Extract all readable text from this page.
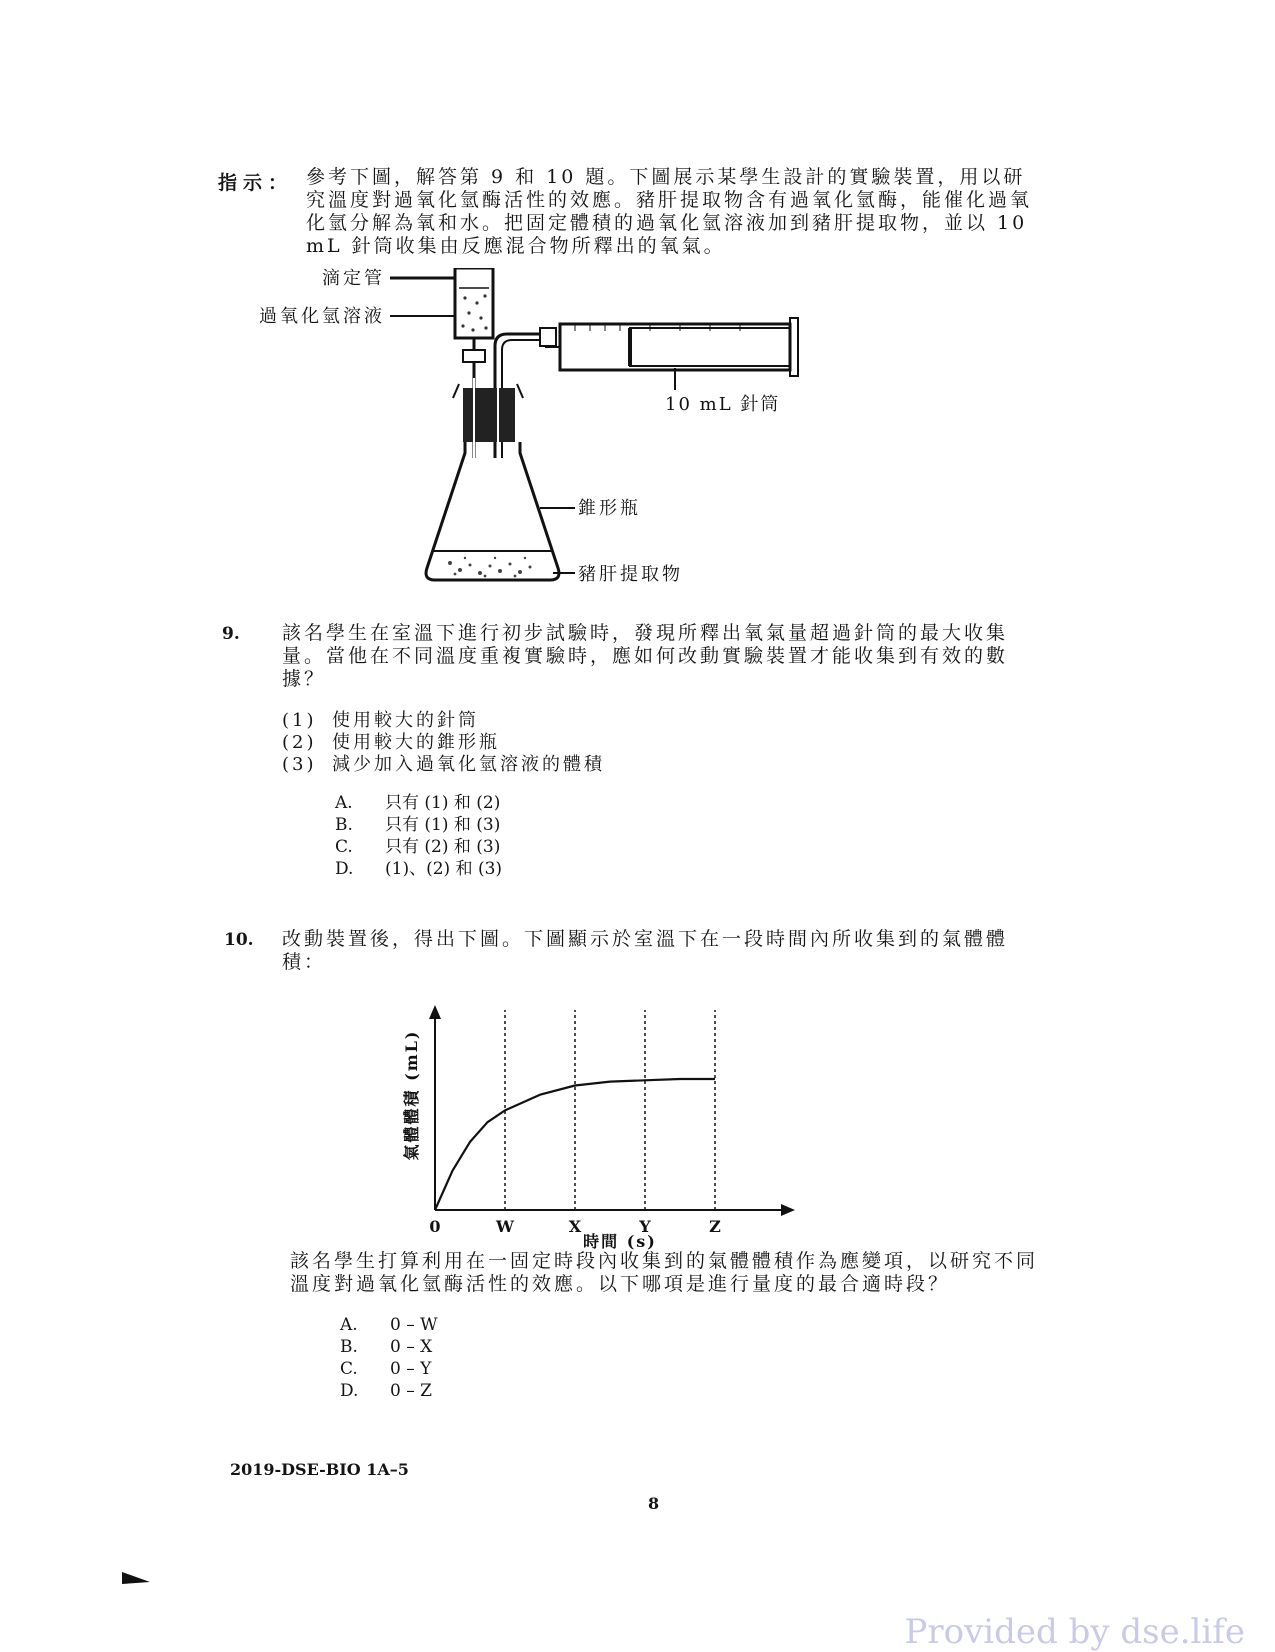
指示： 參考下圖，解答第 9 和 10 題。下圖展示某學生設計的實驗裝置，用以研究溫度對過氧化氫酶活性的效應。豬肝提取物含有過氧化氫酶，能催化過氧化氫分解為氧和水。把固定體積的過氧化氫溶液加到豬肝提取物，並以 10 mL 針筒收集由反應混合物所釋出的氧氣。
滴定管
過氧化氫溶液
10 mL 針筒
錐形瓶
豬肝提取物
9. 該名學生在室溫下進行初步試驗時，發現所釋出氧氣量超過針筒的最大收集量。當他在不同溫度重複實驗時，應如何改動實驗裝置才能收集到有效的數據？
(1) 使用較大的針筒
(2) 使用較大的錐形瓶
(3) 減少加入過氧化氫溶液的體積
A.	只有 (1) 和 (2)
B.	只有 (1) 和 (3)
C.	只有 (2) 和 (3)
D.	(1)、(2) 和 (3)
10. 改動裝置後，得出下圖。下圖顯示於室溫下在一段時間內所收集到的氣體體積：
氣體體積 (mL)
0	W	X	Y	Z
時間 (s)
該名學生打算利用在一固定時段內收集到的氣體體積作為應變項，以研究不同溫度對過氧化氫酶活性的效應。以下哪項是進行量度的最合適時段？
A.	0 – W
B.	0 – X
C.	0 – Y
D.	0 – Z
2019-DSE-BIO 1A–5
8
Provided by dse.life
